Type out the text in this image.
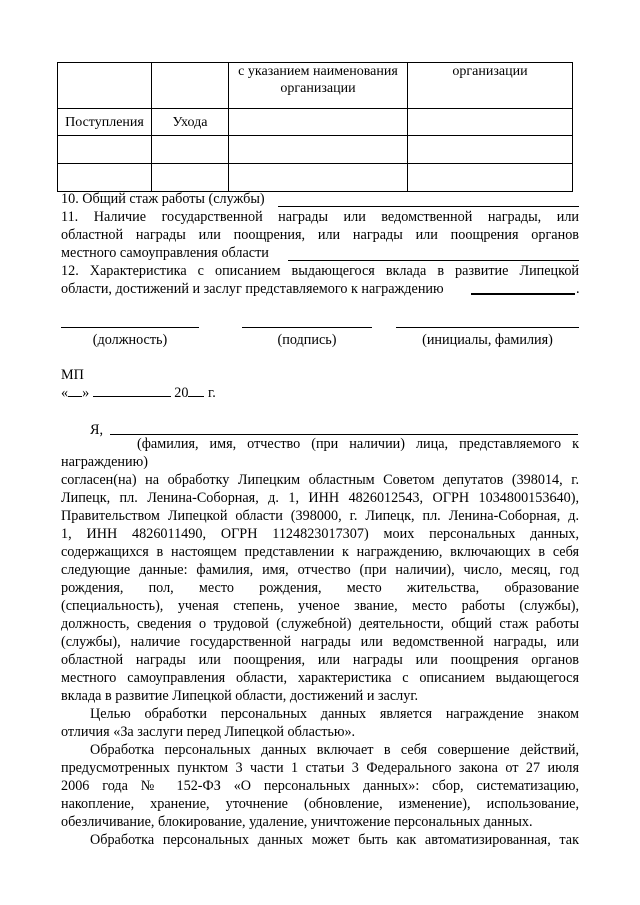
		с указанием наименования организации	организации
Поступления	Ухода		

10. Общий стаж работы (службы)
11. Наличие государственной награды или ведомственной награды, или
областной награды или поощрения, или награды или поощрения органов
местного самоуправления области
12. Характеристика с описанием выдающегося вклада в развитие Липецкой
области, достижений и заслуг представляемого к награждению	.
(должность)	(подпись)	(инициалы, фамилия)
МП
« »	20 г.
Я,
(фамилия, имя, отчество (при наличии) лица, представляемого к
награждению)
согласен(на) на обработку Липецким областным Советом депутатов (398014, г.
Липецк, пл. Ленина-Соборная, д. 1, ИНН 4826012543, ОГРН 1034800153640),
Правительством Липецкой области (398000, г. Липецк, пл. Ленина-Соборная, д.
1, ИНН 4826011490, ОГРН 1124823017307) моих персональных данных,
содержащихся в настоящем представлении к награждению, включающих в себя
следующие данные: фамилия, имя, отчество (при наличии), число, месяц, год
рождения, пол, место рождения, место жительства, образование
(специальность), ученая степень, ученое звание, место работы (службы),
должность, сведения о трудовой (служебной) деятельности, общий стаж работы
(службы), наличие государственной награды или ведомственной награды, или
областной награды или поощрения, или награды или поощрения органов
местного самоуправления области, характеристика с описанием выдающегося
вклада в развитие Липецкой области, достижений и заслуг.
Целью обработки персональных данных является награждение знаком
отличия «За заслуги перед Липецкой областью».
Обработка персональных данных включает в себя совершение действий,
предусмотренных пунктом 3 части 1 статьи 3 Федерального закона от 27 июля
2006 года № 152-ФЗ «О персональных данных»: сбор, систематизацию,
накопление, хранение, уточнение (обновление, изменение), использование,
обезличивание, блокирование, удаление, уничтожение персональных данных.
Обработка персональных данных может быть как автоматизированная, так
